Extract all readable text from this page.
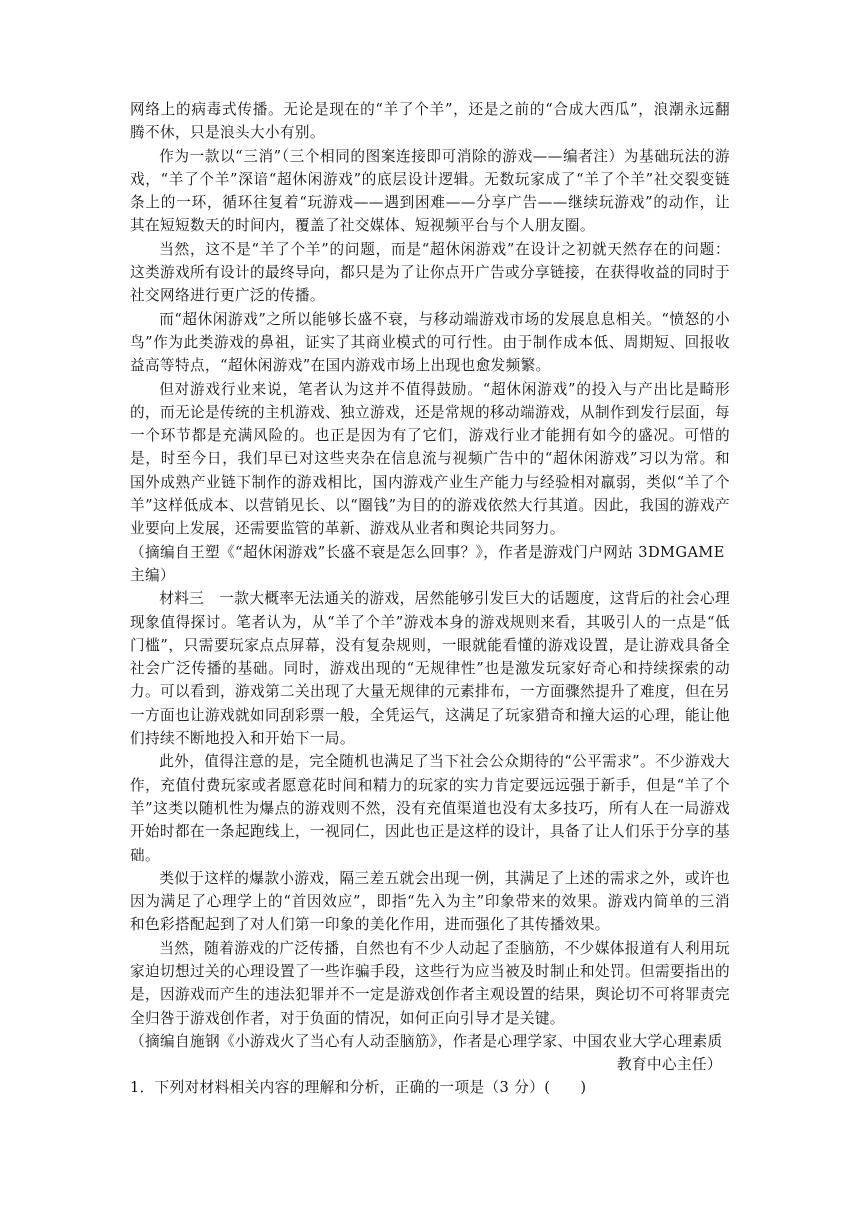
网络上的病毒式传播。无论是现在的“羊了个羊”，还是之前的“合成大西瓜”，浪潮永远翻腾不休，只是浪头大小有别。

作为一款以“三消”（三个相同的图案连接即可消除的游戏——编者注）为基础玩法的游戏，“羊了个羊”深谙“超休闲游戏”的底层设计逻辑。无数玩家成了“羊了个羊”社交裂变链条上的一环，循环往复着“玩游戏——遇到困难——分享广告——继续玩游戏”的动作，让其在短短数天的时间内，覆盖了社交媒体、短视频平台与个人朋友圈。

当然，这不是“羊了个羊”的问题，而是“超休闲游戏”在设计之初就天然存在的问题：这类游戏所有设计的最终导向，都只是为了让你点开广告或分享链接，在获得收益的同时于社交网络进行更广泛的传播。

而“超休闲游戏”之所以能够长盛不衰，与移动端游戏市场的发展息息相关。“愤怒的小鸟”作为此类游戏的鼻祖，证实了其商业模式的可行性。由于制作成本低、周期短、回报收益高等特点，“超休闲游戏”在国内游戏市场上出现也愈发频繁。

但对游戏行业来说，笔者认为这并不值得鼓励。“超休闲游戏”的投入与产出比是畸形的，而无论是传统的主机游戏、独立游戏，还是常规的移动端游戏，从制作到发行层面，每一个环节都是充满风险的。也正是因为有了它们，游戏行业才能拥有如今的盛况。可惜的是，时至今日，我们早已对这些夹杂在信息流与视频广告中的“超休闲游戏”习以为常。和国外成熟产业链下制作的游戏相比，国内游戏产业生产能力与经验相对羸弱，类似“羊了个羊”这样低成本、以营销见长、以“圈钱”为目的的游戏依然大行其道。因此，我国的游戏产业要向上发展，还需要监管的革新、游戏从业者和舆论共同努力。

（摘编自王塑《“超休闲游戏”长盛不衰是怎么回事？》，作者是游戏门户网站 3DMGAME 主编）

材料三　一款大概率无法通关的游戏，居然能够引发巨大的话题度，这背后的社会心理现象值得探讨。笔者认为，从“羊了个羊”游戏本身的游戏规则来看，其吸引人的一点是“低门槛”，只需要玩家点点屏幕，没有复杂规则，一眼就能看懂的游戏设置，是让游戏具备全社会广泛传播的基础。同时，游戏出现的“无规律性”也是激发玩家好奇心和持续探索的动力。可以看到，游戏第二关出现了大量无规律的元素排布，一方面骤然提升了难度，但在另一方面也让游戏就如同刮彩票一般，全凭运气，这满足了玩家猎奇和撞大运的心理，能让他们持续不断地投入和开始下一局。

此外，值得注意的是，完全随机也满足了当下社会公众期待的“公平需求”。不少游戏大作，充值付费玩家或者愿意花时间和精力的玩家的实力肯定要远远强于新手，但是“羊了个羊”这类以随机性为爆点的游戏则不然，没有充值渠道也没有太多技巧，所有人在一局游戏开始时都在一条起跑线上，一视同仁，因此也正是这样的设计，具备了让人们乐于分享的基础。

类似于这样的爆款小游戏，隔三差五就会出现一例，其满足了上述的需求之外，或许也因为满足了心理学上的“首因效应”，即指“先入为主”印象带来的效果。游戏内简单的三消和色彩搭配起到了对人们第一印象的美化作用，进而强化了其传播效果。

当然，随着游戏的广泛传播，自然也有不少人动起了歪脑筋，不少媒体报道有人利用玩家迫切想过关的心理设置了一些诈骗手段，这些行为应当被及时制止和处罚。但需要指出的是，因游戏而产生的违法犯罪并不一定是游戏创作者主观设置的结果，舆论切不可将罪责完全归咎于游戏创作者，对于负面的情况，如何正向引导才是关键。

（摘编自施钢《小游戏火了当心有人动歪脑筋》，作者是心理学家、中国农业大学心理素质

教育中心主任）

1．下列对材料相关内容的理解和分析，正确的一项是（3 分）(　　)
